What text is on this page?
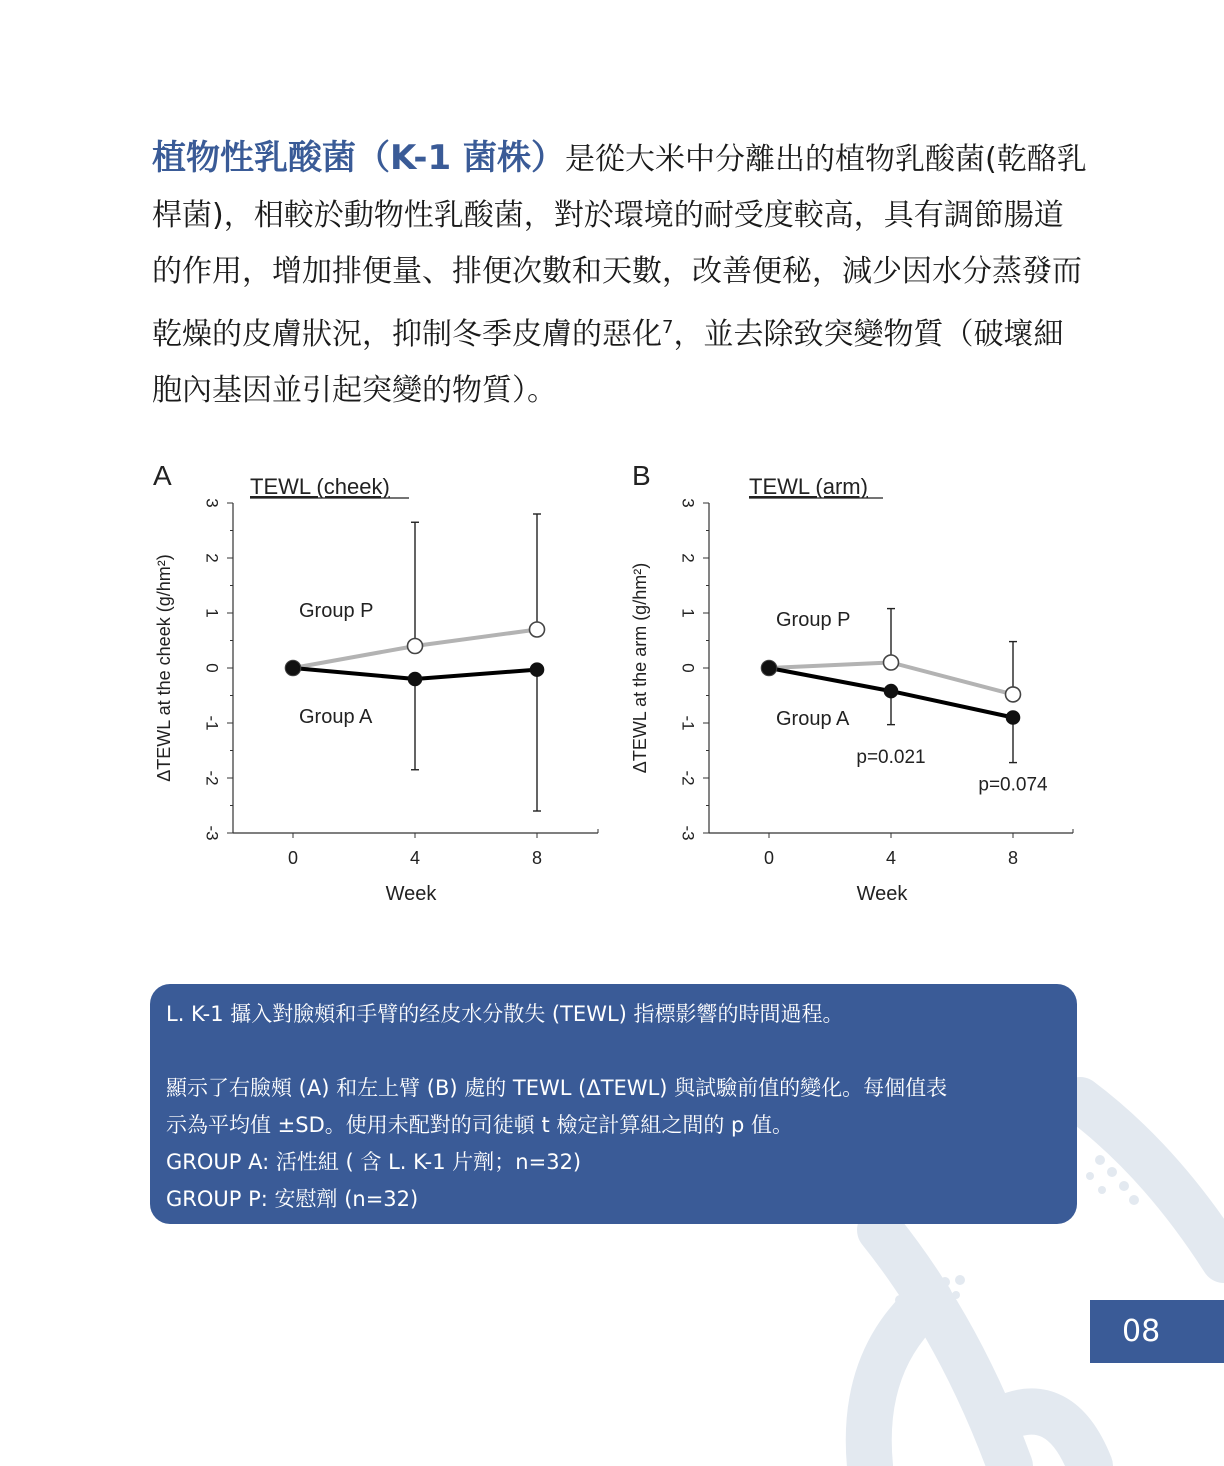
植物性乳酸菌（K-1 菌株）是從大米中分離出的植物乳酸菌(乾酪乳桿菌)，相較於動物性乳酸菌，對於環境的耐受度較高，具有調節腸道的作用，增加排便量、排便次數和天數，改善便秘，減少因水分蒸發而乾燥的皮膚狀況，抑制冬季皮膚的惡化$^7$，並去除致突變物質（破壞細胞內基因並引起突變的物質）。

A	TEWL (cheek)
3
2
1
0
-1
-2
-3
0	4	8
ΔTEWL at the cheek (g/hm²)
Week
Group P
Group A
B	TEWL (arm)
3
2
1
0
-1
-2
-3
0	4	8
ΔTEWL at the arm (g/hm²)
Week
Group P
Group A
p=0.021
p=0.074

L. K-1 攝入對臉頰和手臂的经皮水分散失 (TEWL) 指標影響的時間過程。

顯示了右臉頰 (A) 和左上臂 (B) 處的 TEWL (ΔTEWL) 與試驗前值的變化。每個值表

示為平均值 ±SD。使用未配對的司徒頓 t 檢定計算組之間的 p 值。

GROUP A: 活性組 ( 含 L. K-1 片劑；n=32)

GROUP P: 安慰劑 (n=32)

08
